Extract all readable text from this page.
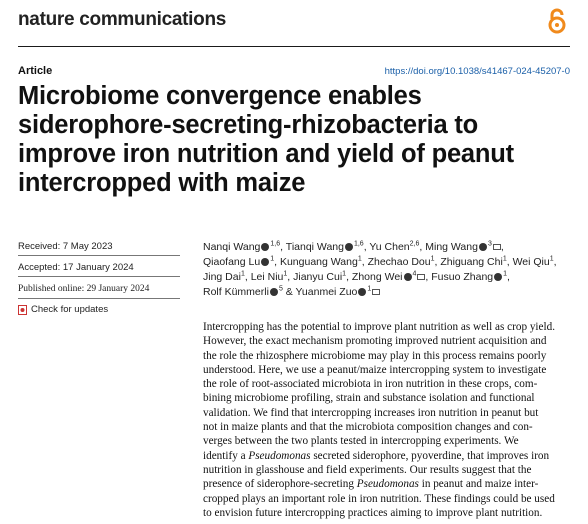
nature communications
Article	https://doi.org/10.1038/s41467-024-45207-0
Microbiome convergence enables
siderophore-secreting-rhizobacteria to
improve iron nutrition and yield of peanut
intercropped with maize
Received: 7 May 2023
Accepted: 17 January 2024
Published online: 29 January 2024
Check for updates
Nanqi Wang $^{1,6}$, Tianqi Wang $^{1,6}$, Yu Chen$^{2,6}$, Ming Wang $^3$ , Qiaofang Lu $^1$, Kunguang Wang$^1$, Zhechao Dou$^1$, Zhiguang Chi$^1$, Wei Qiu$^1$, Jing Dai$^1$, Lei Niu$^1$, Jianyu Cui$^1$, Zhong Wei $^4$ , Fusuo Zhang $^1$, Rolf Kümmerli $^5$ & Yuanmei Zuo $^1$
Intercropping has the potential to improve plant nutrition as well as crop yield.
However, the exact mechanism promoting improved nutrient acquisition and
the role the rhizosphere microbiome may play in this process remains poorly
understood. Here, we use a peanut/maize intercropping system to investigate
the role of root-associated microbiota in iron nutrition in these crops, com-
bining microbiome profiling, strain and substance isolation and functional
validation. We find that intercropping increases iron nutrition in peanut but
not in maize plants and that the microbiota composition changes and con-
verges between the two plants tested in intercropping experiments. We
identify a Pseudomonas secreted siderophore, pyoverdine, that improves iron
nutrition in glasshouse and field experiments. Our results suggest that the
presence of siderophore-secreting Pseudomonas in peanut and maize inter-
cropped plays an important role in iron nutrition. These findings could be used
to envision future intercropping practices aiming to improve plant nutrition.
